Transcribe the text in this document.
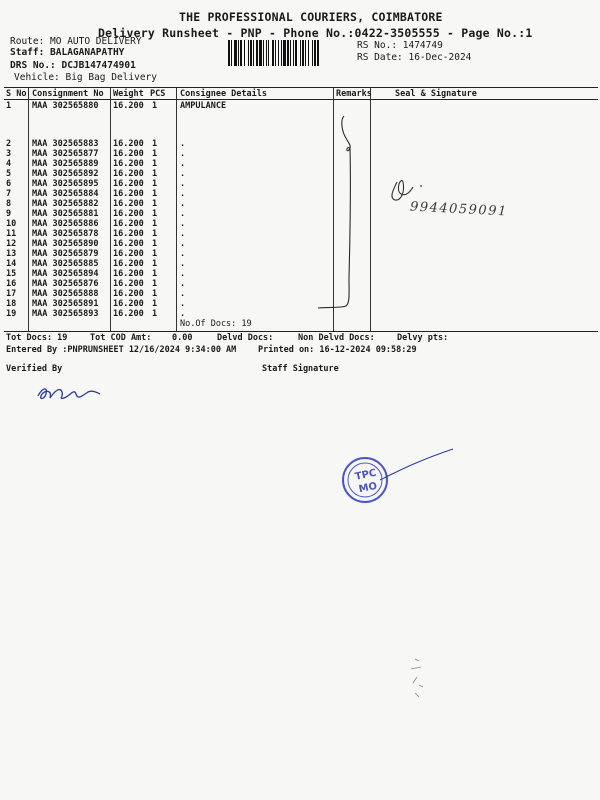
THE PROFESSIONAL COURIERS, COIMBATORE
Delivery Runsheet - PNP - Phone No.:0422-3505555 - Page No.:1
Route: MO AUTO DELIVERY
Staff: BALAGANAPATHY
DRS No.: DCJB147474901
Vehicle: Big Bag Delivery
RS No.: 1474749
RS Date: 16-Dec-2024
S No Consignment No Weight PCS Consignee Details	Remarks	Seal & Signature
1 MAA 302565880 16.200 1	AMPULANCE
2 MAA 302565883 16.200 1	.
3 MAA 302565877 16.200 1	.
4 MAA 302565889 16.200 1	.
5 MAA 302565892 16.200 1	.
6 MAA 302565895 16.200 1	.
7 MAA 302565884 16.200 1	.
8 MAA 302565882 16.200 1	.
9 MAA 302565881 16.200 1	.
10 MAA 302565886 16.200 1	.
11 MAA 302565878 16.200 1	.
12 MAA 302565890 16.200 1	.
13 MAA 302565879 16.200 1	.
14 MAA 302565885 16.200 1	.
15 MAA 302565894 16.200 1	.
16 MAA 302565876 16.200 1	.
17 MAA 302565888 16.200 1	.
18 MAA 302565891 16.200 1	.
19 MAA 302565893 16.200 1	.
No.Of Docs: 19
9944059091
Tot Docs: 19	Tot COD Amt: 0.00	Delvd Docs:	Non Delvd Docs:	Delvy pts:
Entered By :PNPRUNSHEET 12/16/2024 9:34:00 AM	Printed on: 16-12-2024 09:58:29
Verified By	Staff Signature
TPC
MO
